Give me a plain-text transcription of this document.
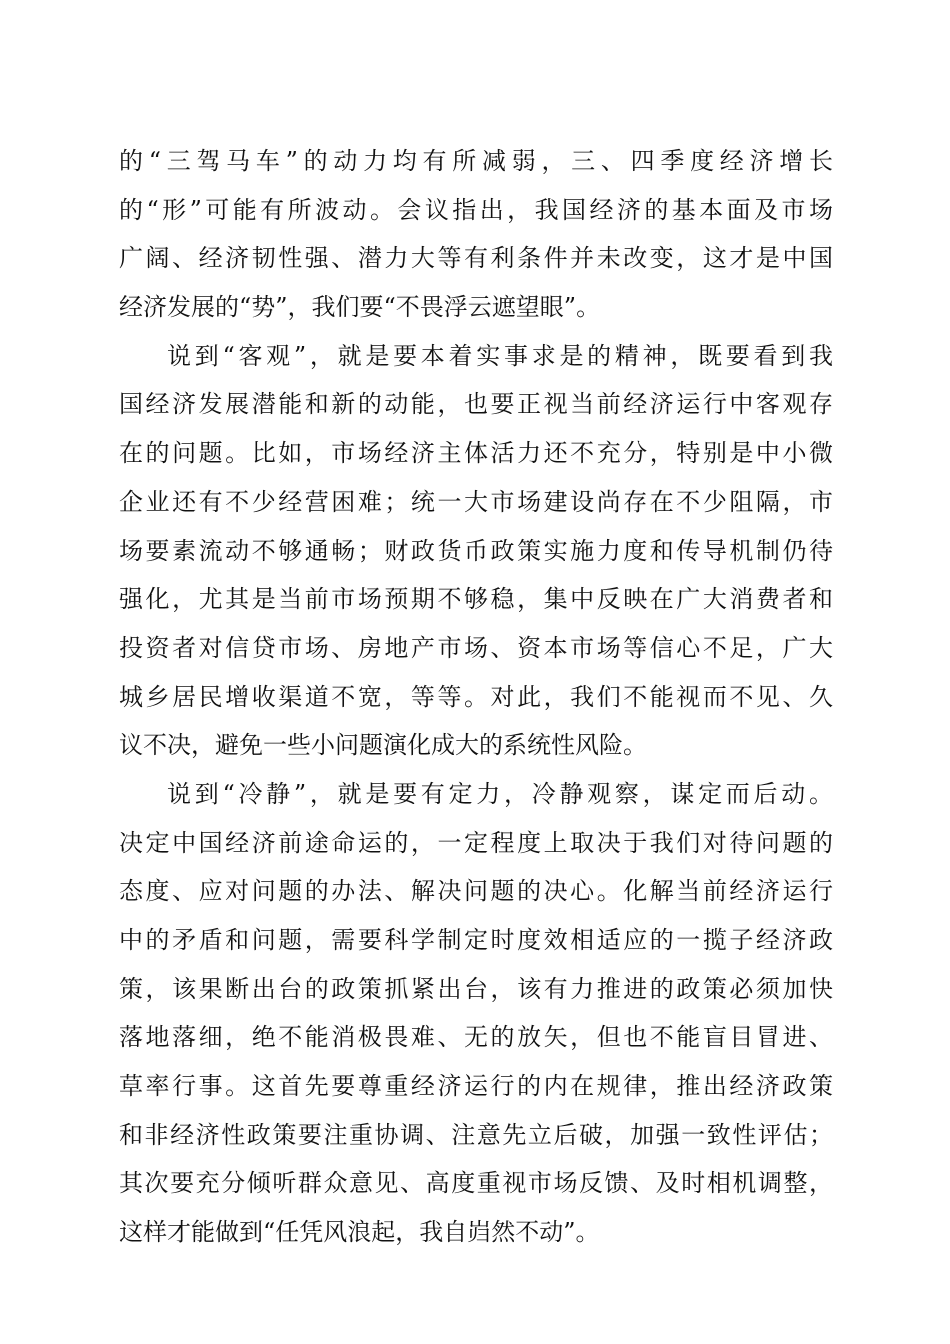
的“三驾马车”的动力均有所减弱，三、四季度经济增长
的“形”可能有所波动。会议指出，我国经济的基本面及市场
广阔、经济韧性强、潜力大等有利条件并未改变，这才是中国
经济发展的“势”，我们要“不畏浮云遮望眼”。
说到“客观”，就是要本着实事求是的精神，既要看到我
国经济发展潜能和新的动能，也要正视当前经济运行中客观存
在的问题。比如，市场经济主体活力还不充分，特别是中小微
企业还有不少经营困难；统一大市场建设尚存在不少阻隔，市
场要素流动不够通畅；财政货币政策实施力度和传导机制仍待
强化，尤其是当前市场预期不够稳，集中反映在广大消费者和
投资者对信贷市场、房地产市场、资本市场等信心不足，广大
城乡居民增收渠道不宽，等等。对此，我们不能视而不见、久
议不决，避免一些小问题演化成大的系统性风险。
说到“冷静”，就是要有定力，冷静观察，谋定而后动。
决定中国经济前途命运的，一定程度上取决于我们对待问题的
态度、应对问题的办法、解决问题的决心。化解当前经济运行
中的矛盾和问题，需要科学制定时度效相适应的一揽子经济政
策，该果断出台的政策抓紧出台，该有力推进的政策必须加快
落地落细，绝不能消极畏难、无的放矢，但也不能盲目冒进、
草率行事。这首先要尊重经济运行的内在规律，推出经济政策
和非经济性政策要注重协调、注意先立后破，加强一致性评估；
其次要充分倾听群众意见、高度重视市场反馈、及时相机调整，
这样才能做到“任凭风浪起，我自岿然不动”。
